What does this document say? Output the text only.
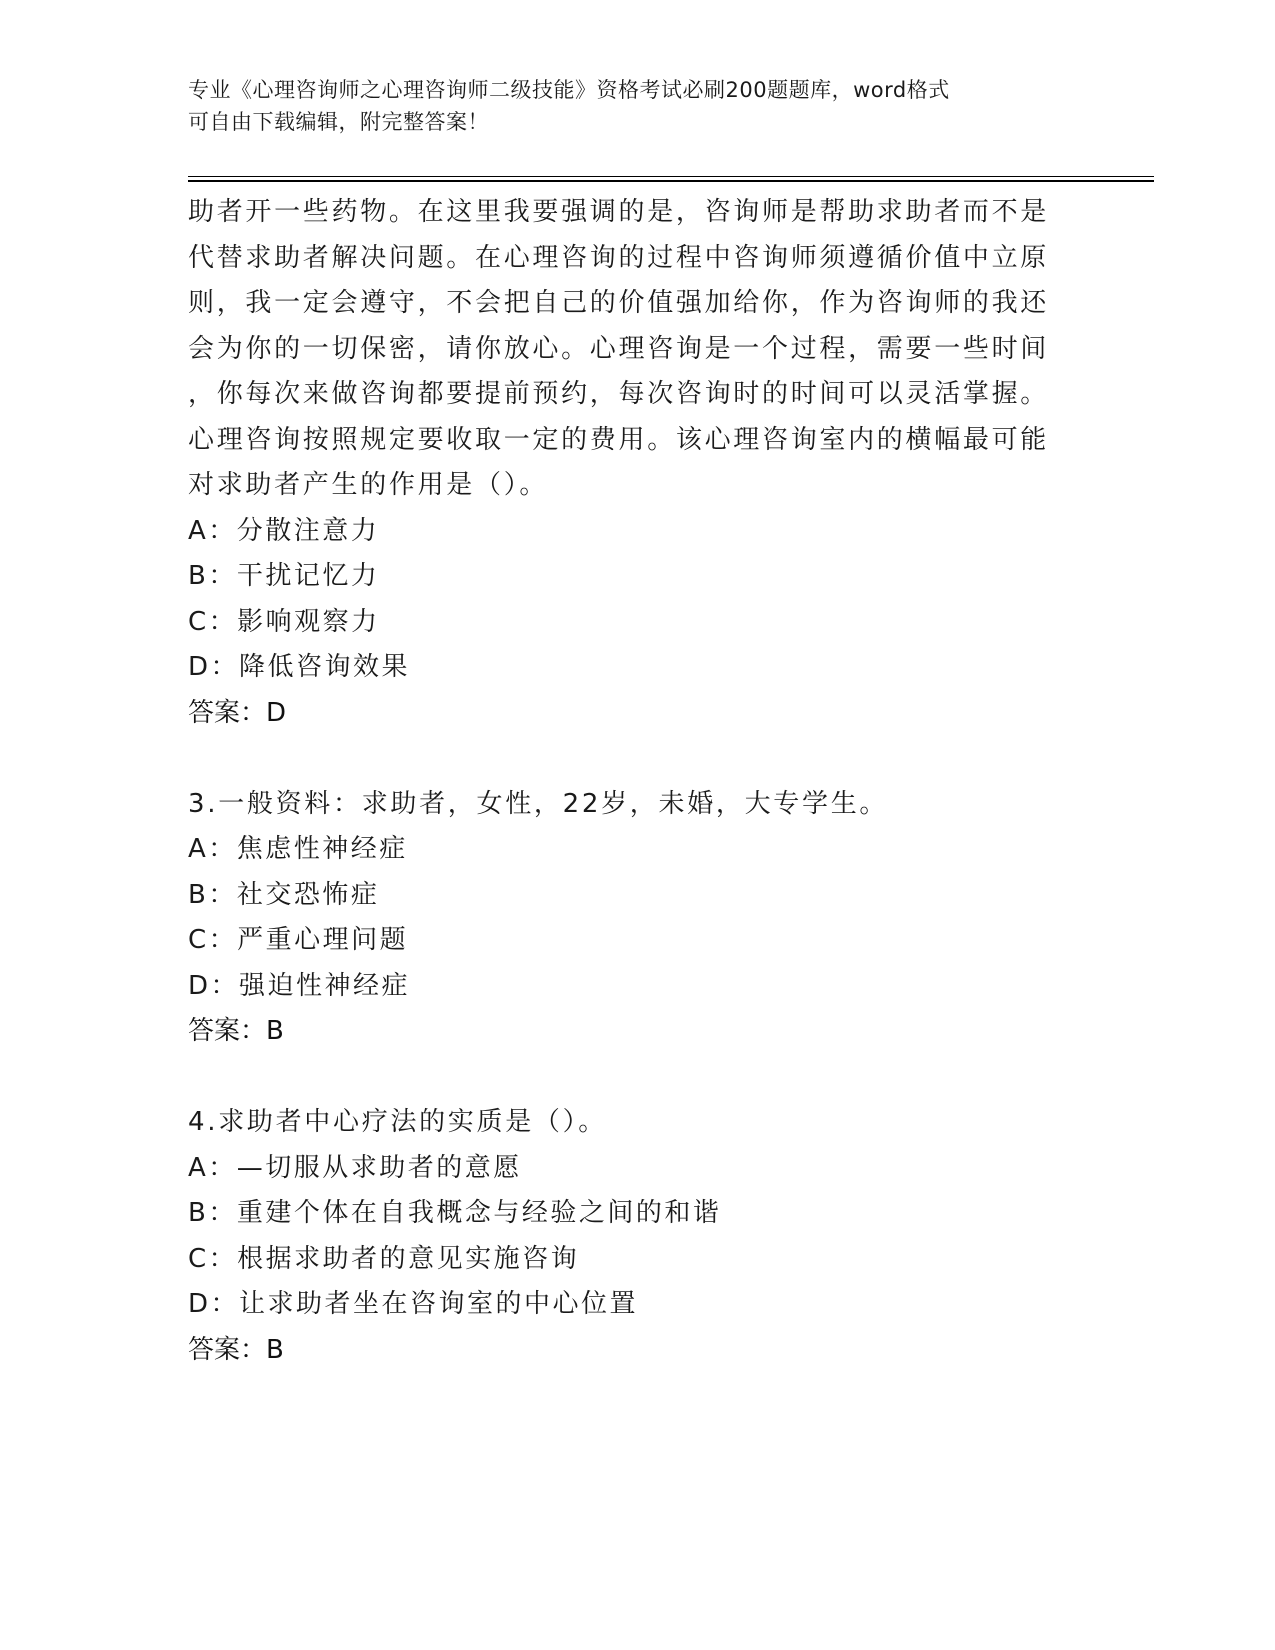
专业《心理咨询师之心理咨询师二级技能》资格考试必刷200题题库，word格式
可自由下载编辑，附完整答案！
助者开一些药物。在这里我要强调的是，咨询师是帮助求助者而不是
代替求助者解决问题。在心理咨询的过程中咨询师须遵循价值中立原
则，我一定会遵守，不会把自己的价值强加给你，作为咨询师的我还
会为你的一切保密，请你放心。心理咨询是一个过程，需要一些时间
，你每次来做咨询都要提前预约，每次咨询时的时间可以灵活掌握。
心理咨询按照规定要收取一定的费用。该心理咨询室内的横幅最可能
对求助者产生的作用是（）。
A：分散注意力
B：干扰记忆力
C：影响观察力
D：降低咨询效果
答案：D
3.一般资料：求助者，女性，22岁，未婚，大专学生。
A：焦虑性神经症
B：社交恐怖症
C：严重心理问题
D：强迫性神经症
答案：B
4.求助者中心疗法的实质是（）。
A：—切服从求助者的意愿
B：重建个体在自我概念与经验之间的和谐
C：根据求助者的意见实施咨询
D：让求助者坐在咨询室的中心位置
答案：B
